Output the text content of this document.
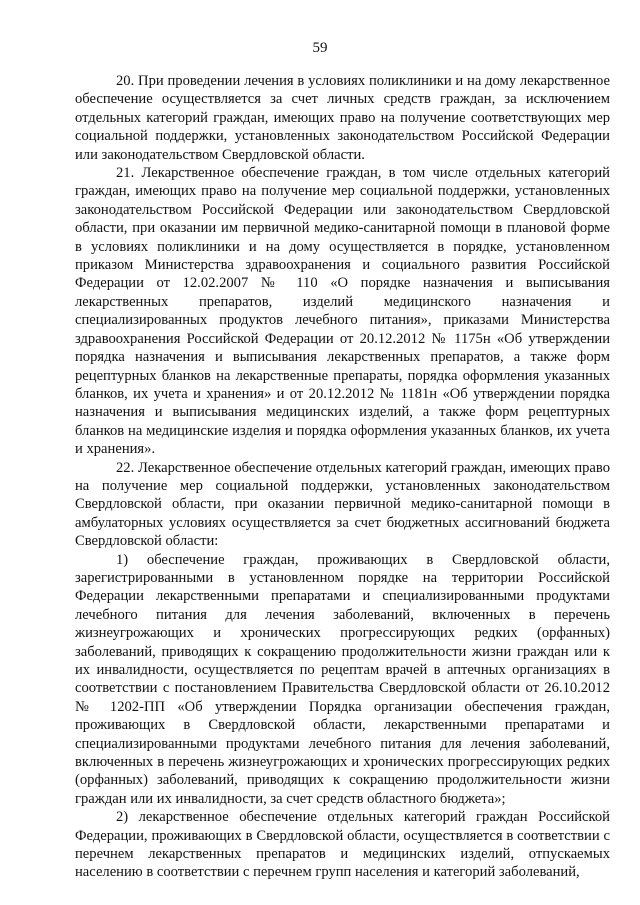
59

20. При проведении лечения в условиях поликлиники и на дому лекарственное обеспечение осуществляется за счет личных средств граждан, за исключением отдельных категорий граждан, имеющих право на получение соответствующих мер социальной поддержки, установленных законодательством Российской Федерации или законодательством Свердловской области.

21. Лекарственное обеспечение граждан, в том числе отдельных категорий граждан, имеющих право на получение мер социальной поддержки, установленных законодательством Российской Федерации или законодательством Свердловской области, при оказании им первичной медико-санитарной помощи в плановой форме в условиях поликлиники и на дому осуществляется в порядке, установленном приказом Министерства здравоохранения и социального развития Российской Федерации от 12.02.2007 № 110 «О порядке назначения и выписывания лекарственных препаратов, изделий медицинского назначения и специализированных продуктов лечебного питания», приказами Министерства здравоохранения Российской Федерации от 20.12.2012 № 1175н «Об утверждении порядка назначения и выписывания лекарственных препаратов, а также форм рецептурных бланков на лекарственные препараты, порядка оформления указанных бланков, их учета и хранения» и от 20.12.2012 № 1181н «Об утверждении порядка назначения и выписывания медицинских изделий, а также форм рецептурных бланков на медицинские изделия и порядка оформления указанных бланков, их учета и хранения».

22. Лекарственное обеспечение отдельных категорий граждан, имеющих право на получение мер социальной поддержки, установленных законодательством Свердловской области, при оказании первичной медико-санитарной помощи в амбулаторных условиях осуществляется за счет бюджетных ассигнований бюджета Свердловской области:

1) обеспечение граждан, проживающих в Свердловской области, зарегистрированными в установленном порядке на территории Российской Федерации лекарственными препаратами и специализированными продуктами лечебного питания для лечения заболеваний, включенных в перечень жизнеугрожающих и хронических прогрессирующих редких (орфанных) заболеваний, приводящих к сокращению продолжительности жизни граждан или к их инвалидности, осуществляется по рецептам врачей в аптечных организациях в соответствии с постановлением Правительства Свердловской области от 26.10.2012 № 1202-ПП «Об утверждении Порядка организации обеспечения граждан, проживающих в Свердловской области, лекарственными препаратами и специализированными продуктами лечебного питания для лечения заболеваний, включенных в перечень жизнеугрожающих и хронических прогрессирующих редких (орфанных) заболеваний, приводящих к сокращению продолжительности жизни граждан или их инвалидности, за счет средств областного бюджета»;

2) лекарственное обеспечение отдельных категорий граждан Российской Федерации, проживающих в Свердловской области, осуществляется в соответствии с перечнем лекарственных препаратов и медицинских изделий, отпускаемых населению в соответствии с перечнем групп населения и категорий заболеваний,
